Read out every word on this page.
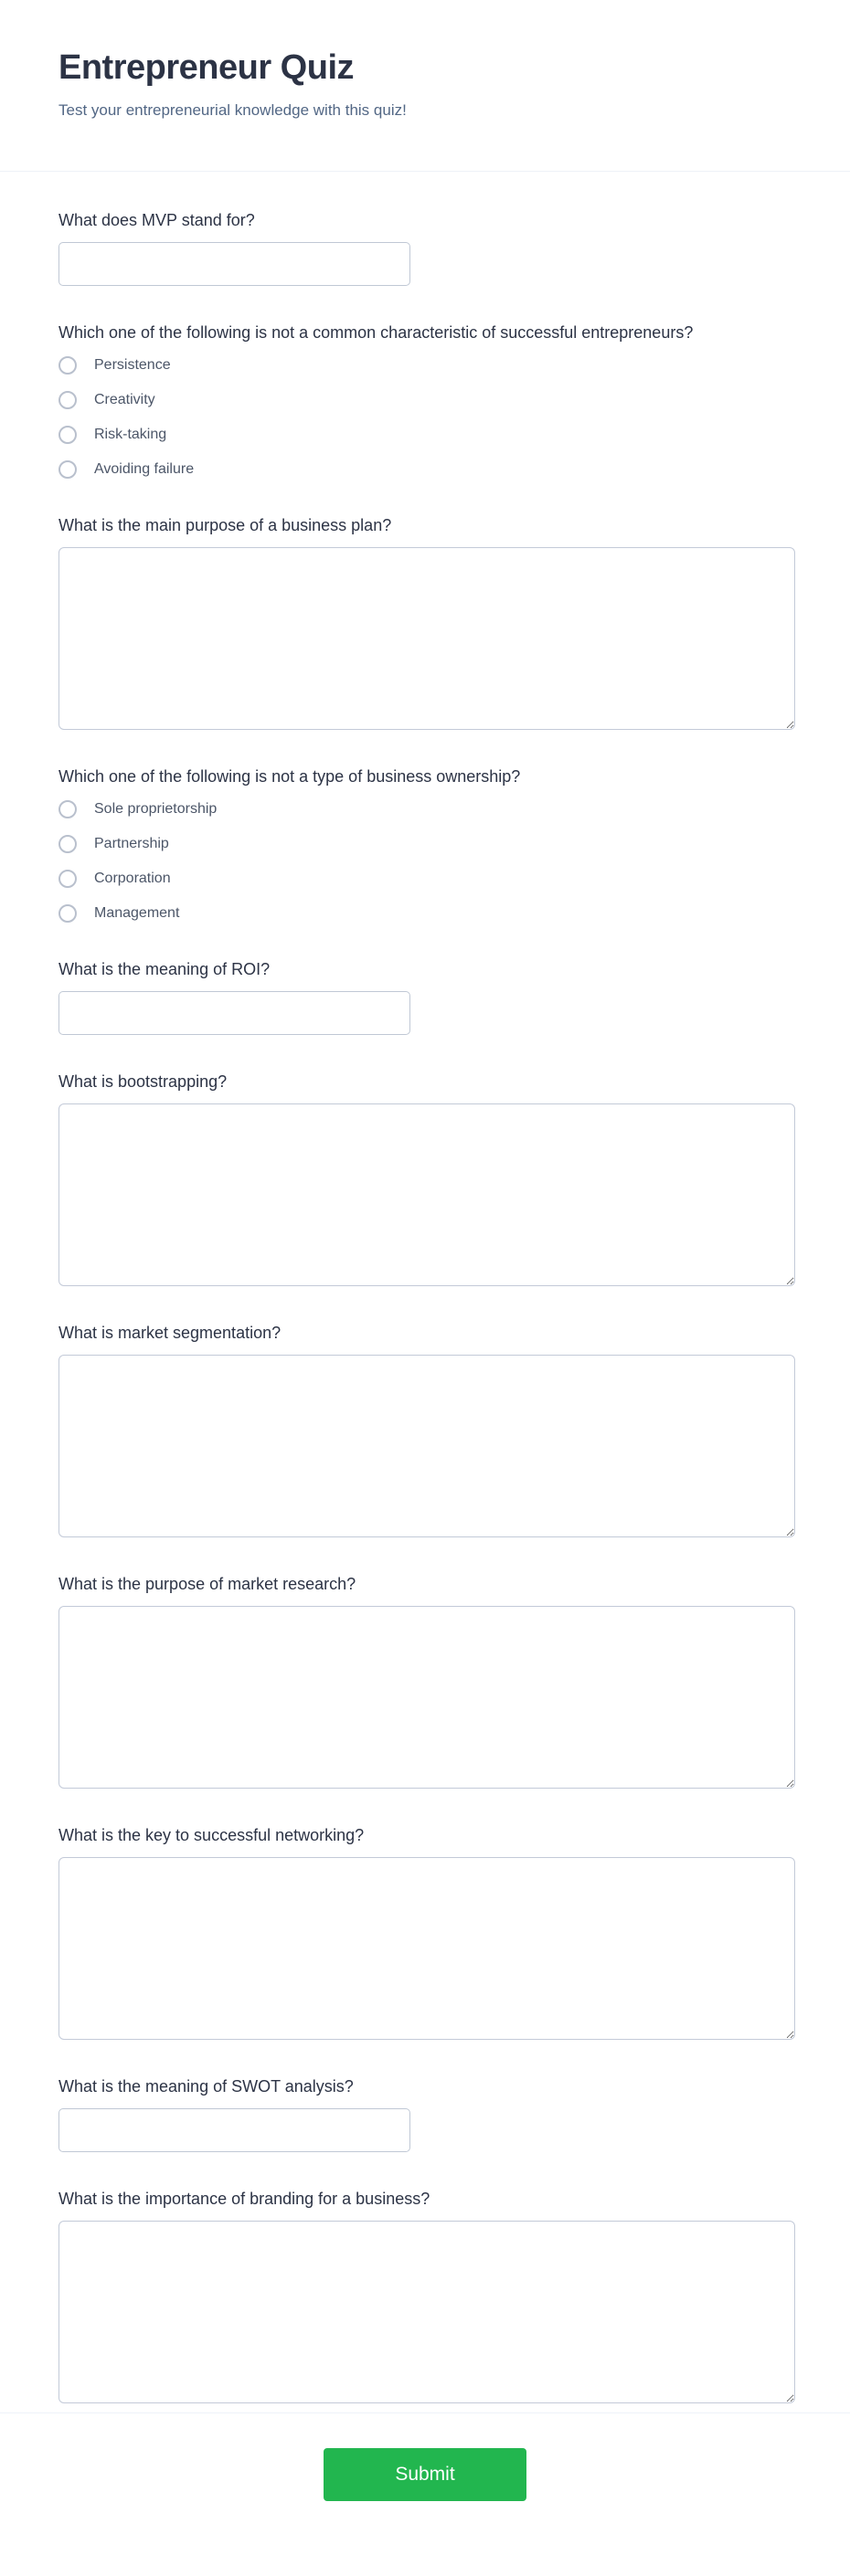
Entrepreneur Quiz

Test your entrepreneurial knowledge with this quiz!

What does MVP stand for?
Which one of the following is not a common characteristic of successful entrepreneurs?
Persistence
Creativity
Risk-taking
Avoiding failure
What is the main purpose of a business plan?
Which one of the following is not a type of business ownership?
Sole proprietorship
Partnership
Corporation
Management
What is the meaning of ROI?
What is bootstrapping?
What is market segmentation?
What is the purpose of market research?
What is the key to successful networking?
What is the meaning of SWOT analysis?
What is the importance of branding for a business?
Submit
